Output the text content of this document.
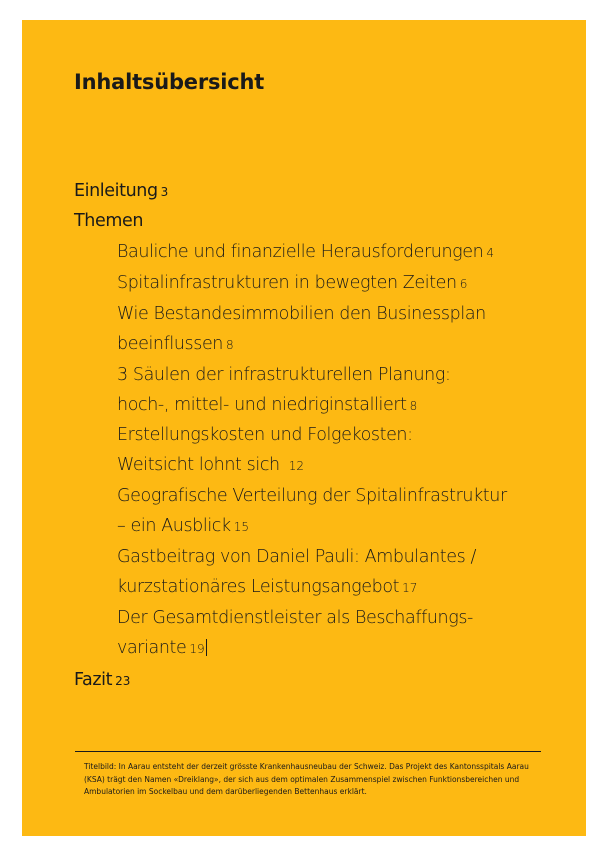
Inhaltsübersicht
Einleitung 3
Themen
Bauliche und finanzielle Herausforderungen 4
Spitalinfrastrukturen in bewegten Zeiten 6
Wie Bestandesimmobilien den Businessplan
beeinflussen 8
3 Säulen der infrastrukturellen Planung:
hoch-, mittel- und niedriginstalliert 8
Erstellungskosten und Folgekosten:
Weitsicht lohnt sich 12
Geografische Verteilung der Spitalinfrastruktur
– ein Ausblick 15
Gastbeitrag von Daniel Pauli: Ambulantes /
kurzstationäres Leistungsangebot 17
Der Gesamtdienstleister als Beschaffungs-
variante 19
Fazit 23

Titelbild: In Aarau entsteht der derzeit grösste Krankenhausneubau der Schweiz. Das Projekt des Kantonsspitals Aarau (KSA) trägt den Namen «Dreiklang», der sich aus dem optimalen Zusammenspiel zwischen Funktionsbereichen und Ambulatorien im Sockelbau und dem darüberliegenden Bettenhaus erklärt.
